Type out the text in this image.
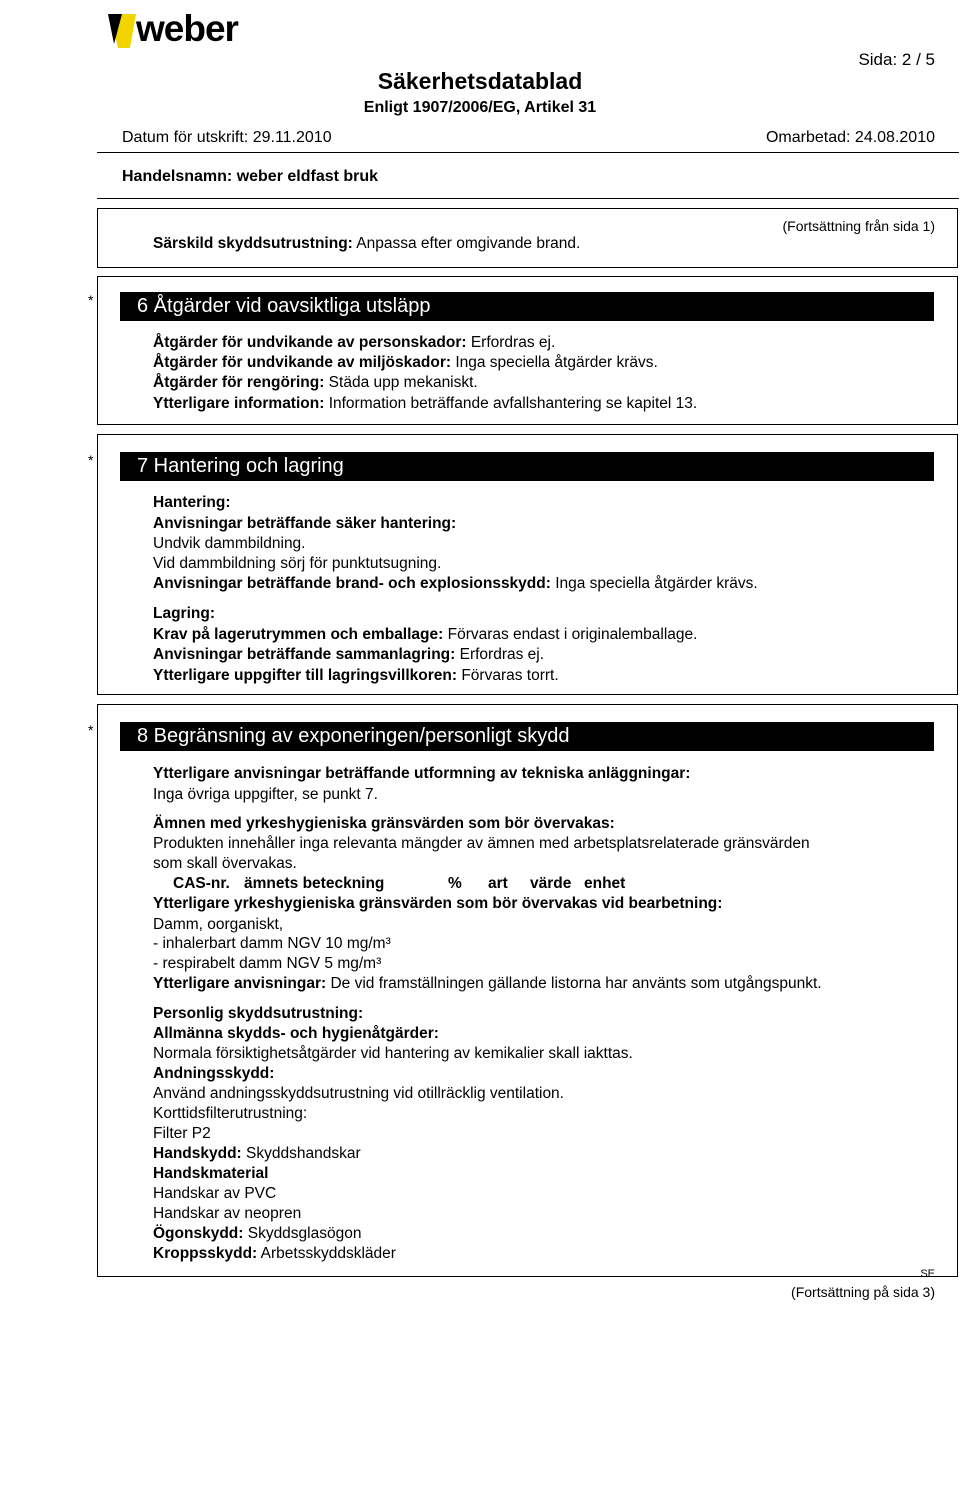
weber
Sida: 2 / 5
Säkerhetsdatablad
Enligt 1907/2006/EG, Artikel 31
Datum för utskrift: 29.11.2010	Omarbetad: 24.08.2010
Handelsnamn: weber eldfast bruk
(Fortsättning från sida 1)
Särskild skyddsutrustning: Anpassa efter omgivande brand.
*	6 Åtgärder vid oavsiktliga utsläpp
Åtgärder för undvikande av personskador: Erfordras ej.
Åtgärder för undvikande av miljöskador: Inga speciella åtgärder krävs.
Åtgärder för rengöring: Städa upp mekaniskt.
Ytterligare information: Information beträffande avfallshantering se kapitel 13.
*	7 Hantering och lagring
Hantering:
Anvisningar beträffande säker hantering:
Undvik dammbildning.
Vid dammbildning sörj för punktutsugning.
Anvisningar beträffande brand- och explosionsskydd: Inga speciella åtgärder krävs.
Lagring:
Krav på lagerutrymmen och emballage: Förvaras endast i originalemballage.
Anvisningar beträffande sammanlagring: Erfordras ej.
Ytterligare uppgifter till lagringsvillkoren: Förvaras torrt.
*	8 Begränsning av exponeringen/personligt skydd
Ytterligare anvisningar beträffande utformning av tekniska anläggningar:
Inga övriga uppgifter, se punkt 7.
Ämnen med yrkeshygieniska gränsvärden som bör övervakas:
Produkten innehåller inga relevanta mängder av ämnen med arbetsplatsrelaterade gränsvärden
som skall övervakas.
CAS-nr. ämnets beteckning	% art värde enhet
Ytterligare yrkeshygieniska gränsvärden som bör övervakas vid bearbetning:
Damm, oorganiskt,
- inhalerbart damm NGV 10 mg/m³
- respirabelt damm NGV 5 mg/m³
Ytterligare anvisningar: De vid framställningen gällande listorna har använts som utgångspunkt.
Personlig skyddsutrustning:
Allmänna skydds- och hygienåtgärder:
Normala försiktighetsåtgärder vid hantering av kemikalier skall iakttas.
Andningsskydd:
Använd andningsskyddsutrustning vid otillräcklig ventilation.
Korttidsfilterutrustning:
Filter P2
Handskydd: Skyddshandskar
Handskmaterial
Handskar av PVC
Handskar av neopren
Ögonskydd: Skyddsglasögon
Kroppsskydd: Arbetsskyddskläder
SE
(Fortsättning på sida 3)
